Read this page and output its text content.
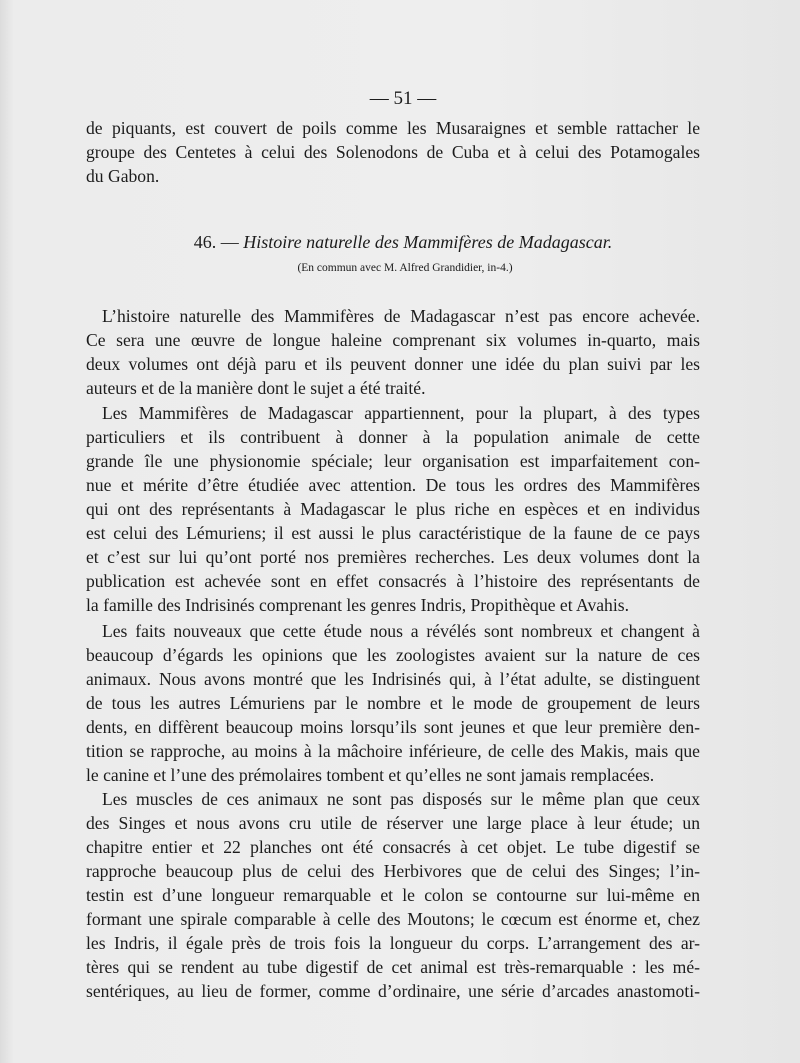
— 51 —
de piquants, est couvert de poils comme les Musaraignes et semble rattacher le
groupe des Centetes à celui des Solenodons de Cuba et à celui des Potamogales
du Gabon.
46. — Histoire naturelle des Mammifères de Madagascar.
(En commun avec M. Alfred Grandidier, in-4.)
L’histoire naturelle des Mammifères de Madagascar n’est pas encore achevée.
Ce sera une œuvre de longue haleine comprenant six volumes in-quarto, mais
deux volumes ont déjà paru et ils peuvent donner une idée du plan suivi par les
auteurs et de la manière dont le sujet a été traité.
Les Mammifères de Madagascar appartiennent, pour la plupart, à des types
particuliers et ils contribuent à donner à la population animale de cette
grande île une physionomie spéciale; leur organisation est imparfaitement con-
nue et mérite d’être étudiée avec attention. De tous les ordres des Mammifères
qui ont des représentants à Madagascar le plus riche en espèces et en individus
est celui des Lémuriens; il est aussi le plus caractéristique de la faune de ce pays
et c’est sur lui qu’ont porté nos premières recherches. Les deux volumes dont la
publication est achevée sont en effet consacrés à l’histoire des représentants de
la famille des Indrisinés comprenant les genres Indris, Propithèque et Avahis.
Les faits nouveaux que cette étude nous a révélés sont nombreux et changent à
beaucoup d’égards les opinions que les zoologistes avaient sur la nature de ces
animaux. Nous avons montré que les Indrisinés qui, à l’état adulte, se distinguent
de tous les autres Lémuriens par le nombre et le mode de groupement de leurs
dents, en diffèrent beaucoup moins lorsqu’ils sont jeunes et que leur première den-
tition se rapproche, au moins à la mâchoire inférieure, de celle des Makis, mais que
le canine et l’une des prémolaires tombent et qu’elles ne sont jamais remplacées.
Les muscles de ces animaux ne sont pas disposés sur le même plan que ceux
des Singes et nous avons cru utile de réserver une large place à leur étude; un
chapitre entier et 22 planches ont été consacrés à cet objet. Le tube digestif se
rapproche beaucoup plus de celui des Herbivores que de celui des Singes; l’in-
testin est d’une longueur remarquable et le colon se contourne sur lui-même en
formant une spirale comparable à celle des Moutons; le cœcum est énorme et, chez
les Indris, il égale près de trois fois la longueur du corps. L’arrangement des ar-
tères qui se rendent au tube digestif de cet animal est très-remarquable : les mé-
sentériques, au lieu de former, comme d’ordinaire, une série d’arcades anastomoti-
